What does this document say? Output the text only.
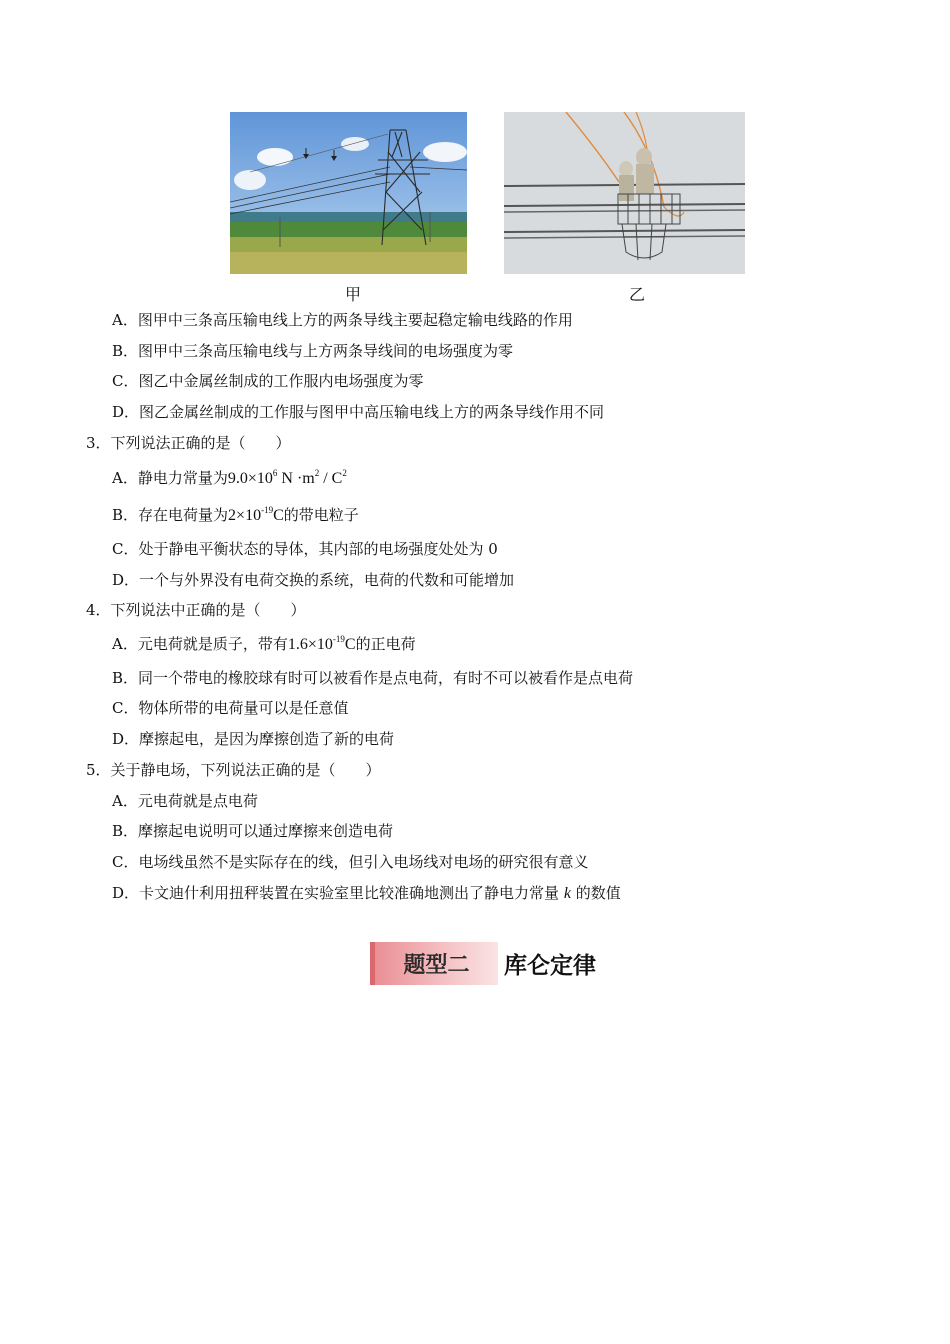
甲	乙
A．图甲中三条高压输电线上方的两条导线主要起稳定输电线路的作用
B．图甲中三条高压输电线与上方两条导线间的电场强度为零
C．图乙中金属丝制成的工作服内电场强度为零
D．图乙金属丝制成的工作服与图甲中高压输电线上方的两条导线作用不同
3．下列说法正确的是（　　）
A．静电力常量为$9.0\times 10^6$ $N \cdot m^2 / C^2$
B．存在电荷量为$2\times 10^{-19}C$的带电粒子
C．处于静电平衡状态的导体，其内部的电场强度处处为 0
D．一个与外界没有电荷交换的系统，电荷的代数和可能增加
4．下列说法中正确的是（　　）
A．元电荷就是质子，带有$1.6\times 10^{-19}C$的正电荷
B．同一个带电的橡胶球有时可以被看作是点电荷，有时不可以被看作是点电荷
C．物体所带的电荷量可以是任意值
D．摩擦起电，是因为摩擦创造了新的电荷
5．关于静电场，下列说法正确的是（　　）
A．元电荷就是点电荷
B．摩擦起电说明可以通过摩擦来创造电荷
C．电场线虽然不是实际存在的线，但引入电场线对电场的研究很有意义
D．卡文迪什利用扭秤装置在实验室里比较准确地测出了静电力常量 k 的数值
题型二	库仑定律
